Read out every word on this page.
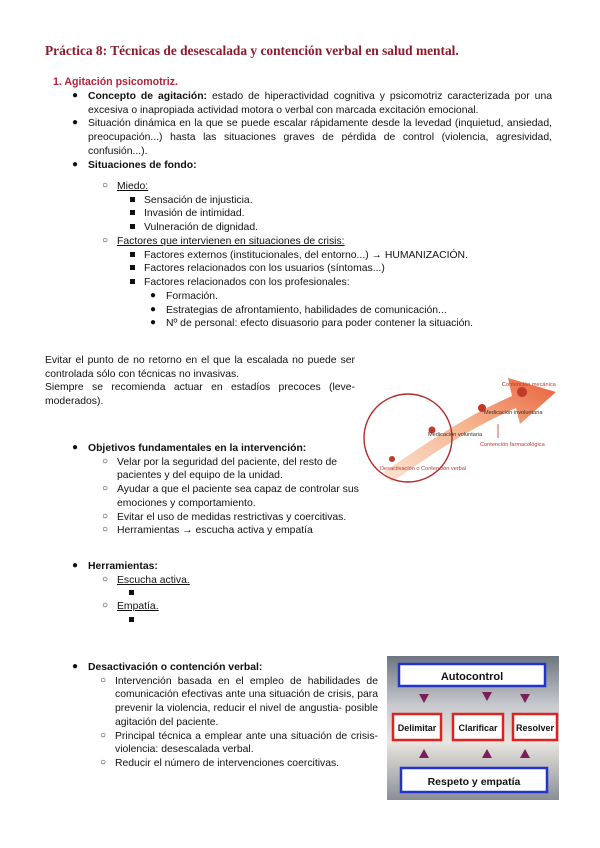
Práctica 8: Técnicas de desescalada y contención verbal en salud mental.
1. Agitación psicomotriz.
● Concepto de agitación: estado de hiperactividad cognitiva y psicomotriz caracterizada por una excesiva o inapropiada actividad motora o verbal con marcada excitación emocional.
● Situación dinámica en la que se puede escalar rápidamente desde la levedad (inquietud, ansiedad, preocupación...) hasta las situaciones graves de pérdida de control (violencia, agresividad, confusión...).
● Situaciones de fondo:
○ Miedo:
Sensación de injusticia.
Invasión de intimidad.
Vulneración de dignidad.
○ Factores que intervienen en situaciones de crisis:
Factores externos (institucionales, del entorno...) → HUMANIZACIÓN.
Factores relacionados con los usuarios (síntomas...)
Factores relacionados con los profesionales:
● Formación.
● Estrategias de afrontamiento, habilidades de comunicación...
● Nº de personal: efecto disuasorio para poder contener la situación.
Evitar el punto de no retorno en el que la escalada no puede ser controlada sólo con técnicas no invasivas.
Siempre se recomienda actuar en estadíos precoces (leve-moderados).
Desactivación o Contención verbal
Medicación voluntaria
Medicación involuntaria
Contención farmacológica
Contención mecánica
● Objetivos fundamentales en la intervención:
○ Velar por la seguridad del paciente, del resto de pacientes y del equipo de la unidad.
○ Ayudar a que el paciente sea capaz de controlar sus emociones y comportamiento.
○ Evitar el uso de medidas restrictivas y coercitivas.
○ Herramientas → escucha activa y empatía
● Herramientas:
○ Escucha activa.
○ Empatía.
● Desactivación o contención verbal:
○ Intervención basada en el empleo de habilidades de comunicación efectivas ante una situación de crisis, para prevenir la violencia, reducir el nivel de angustia- posible agitación del paciente.
○ Principal técnica a emplear ante una situación de crisis-violencia: desescalada verbal.
○ Reducir el número de intervenciones coercitivas.
Autocontrol
Delimitar Clarificar Resolver
Respeto y empatía
